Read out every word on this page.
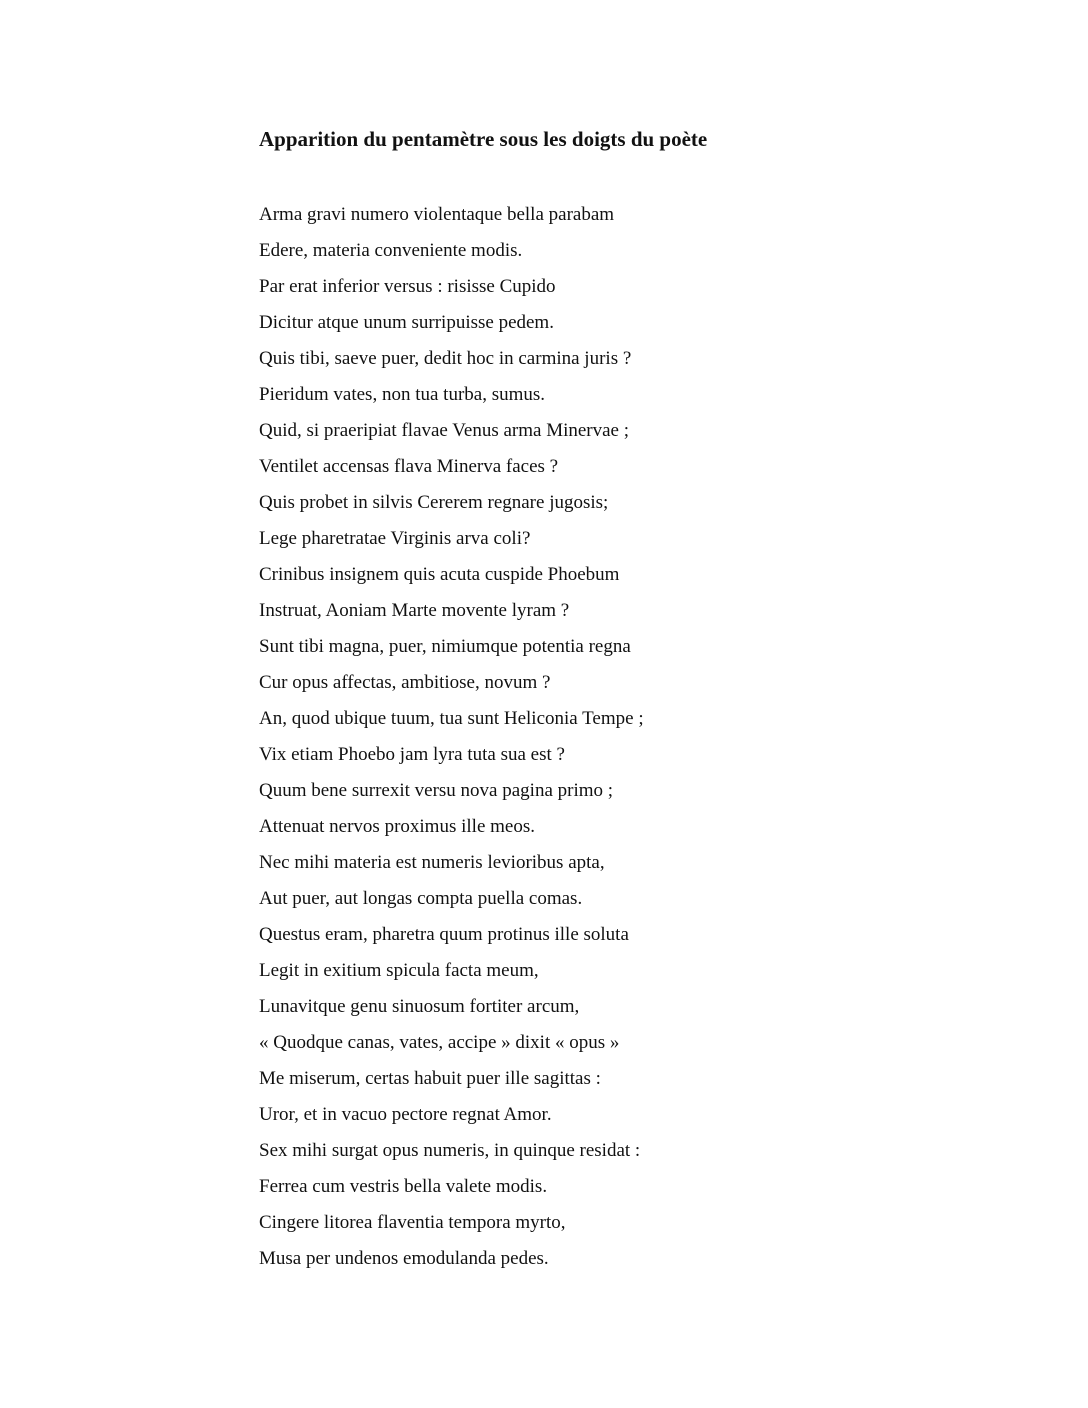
Apparition du pentamètre sous les doigts du poète
Arma gravi numero violentaque bella parabam
Edere, materia conveniente modis.
Par erat inferior versus : risisse Cupido
Dicitur atque unum surripuisse pedem.
Quis tibi, saeve puer, dedit hoc in carmina juris ?
Pieridum vates, non tua turba, sumus.
Quid, si praeripiat flavae Venus arma Minervae ;
Ventilet accensas flava Minerva faces ?
Quis probet in silvis Cererem regnare jugosis;
Lege pharetratae Virginis arva coli?
Crinibus insignem quis acuta cuspide Phoebum
Instruat, Aoniam Marte movente lyram ?
Sunt tibi magna, puer, nimiumque potentia regna
Cur opus affectas, ambitiose, novum ?
An, quod ubique tuum, tua sunt Heliconia Tempe ;
Vix etiam Phoebo jam lyra tuta sua est ?
Quum bene surrexit versu nova pagina primo ;
Attenuat nervos proximus ille meos.
Nec mihi materia est numeris levioribus apta,
Aut puer, aut longas compta puella comas.
Questus eram, pharetra quum protinus ille soluta
Legit in exitium spicula facta meum,
Lunavitque genu sinuosum fortiter arcum,
« Quodque canas, vates, accipe » dixit « opus »
Me miserum, certas habuit puer ille sagittas :
Uror, et in vacuo pectore regnat Amor.
Sex mihi surgat opus numeris, in quinque residat :
Ferrea cum vestris bella valete modis.
Cingere litorea flaventia tempora myrto,
Musa per undenos emodulanda pedes.
